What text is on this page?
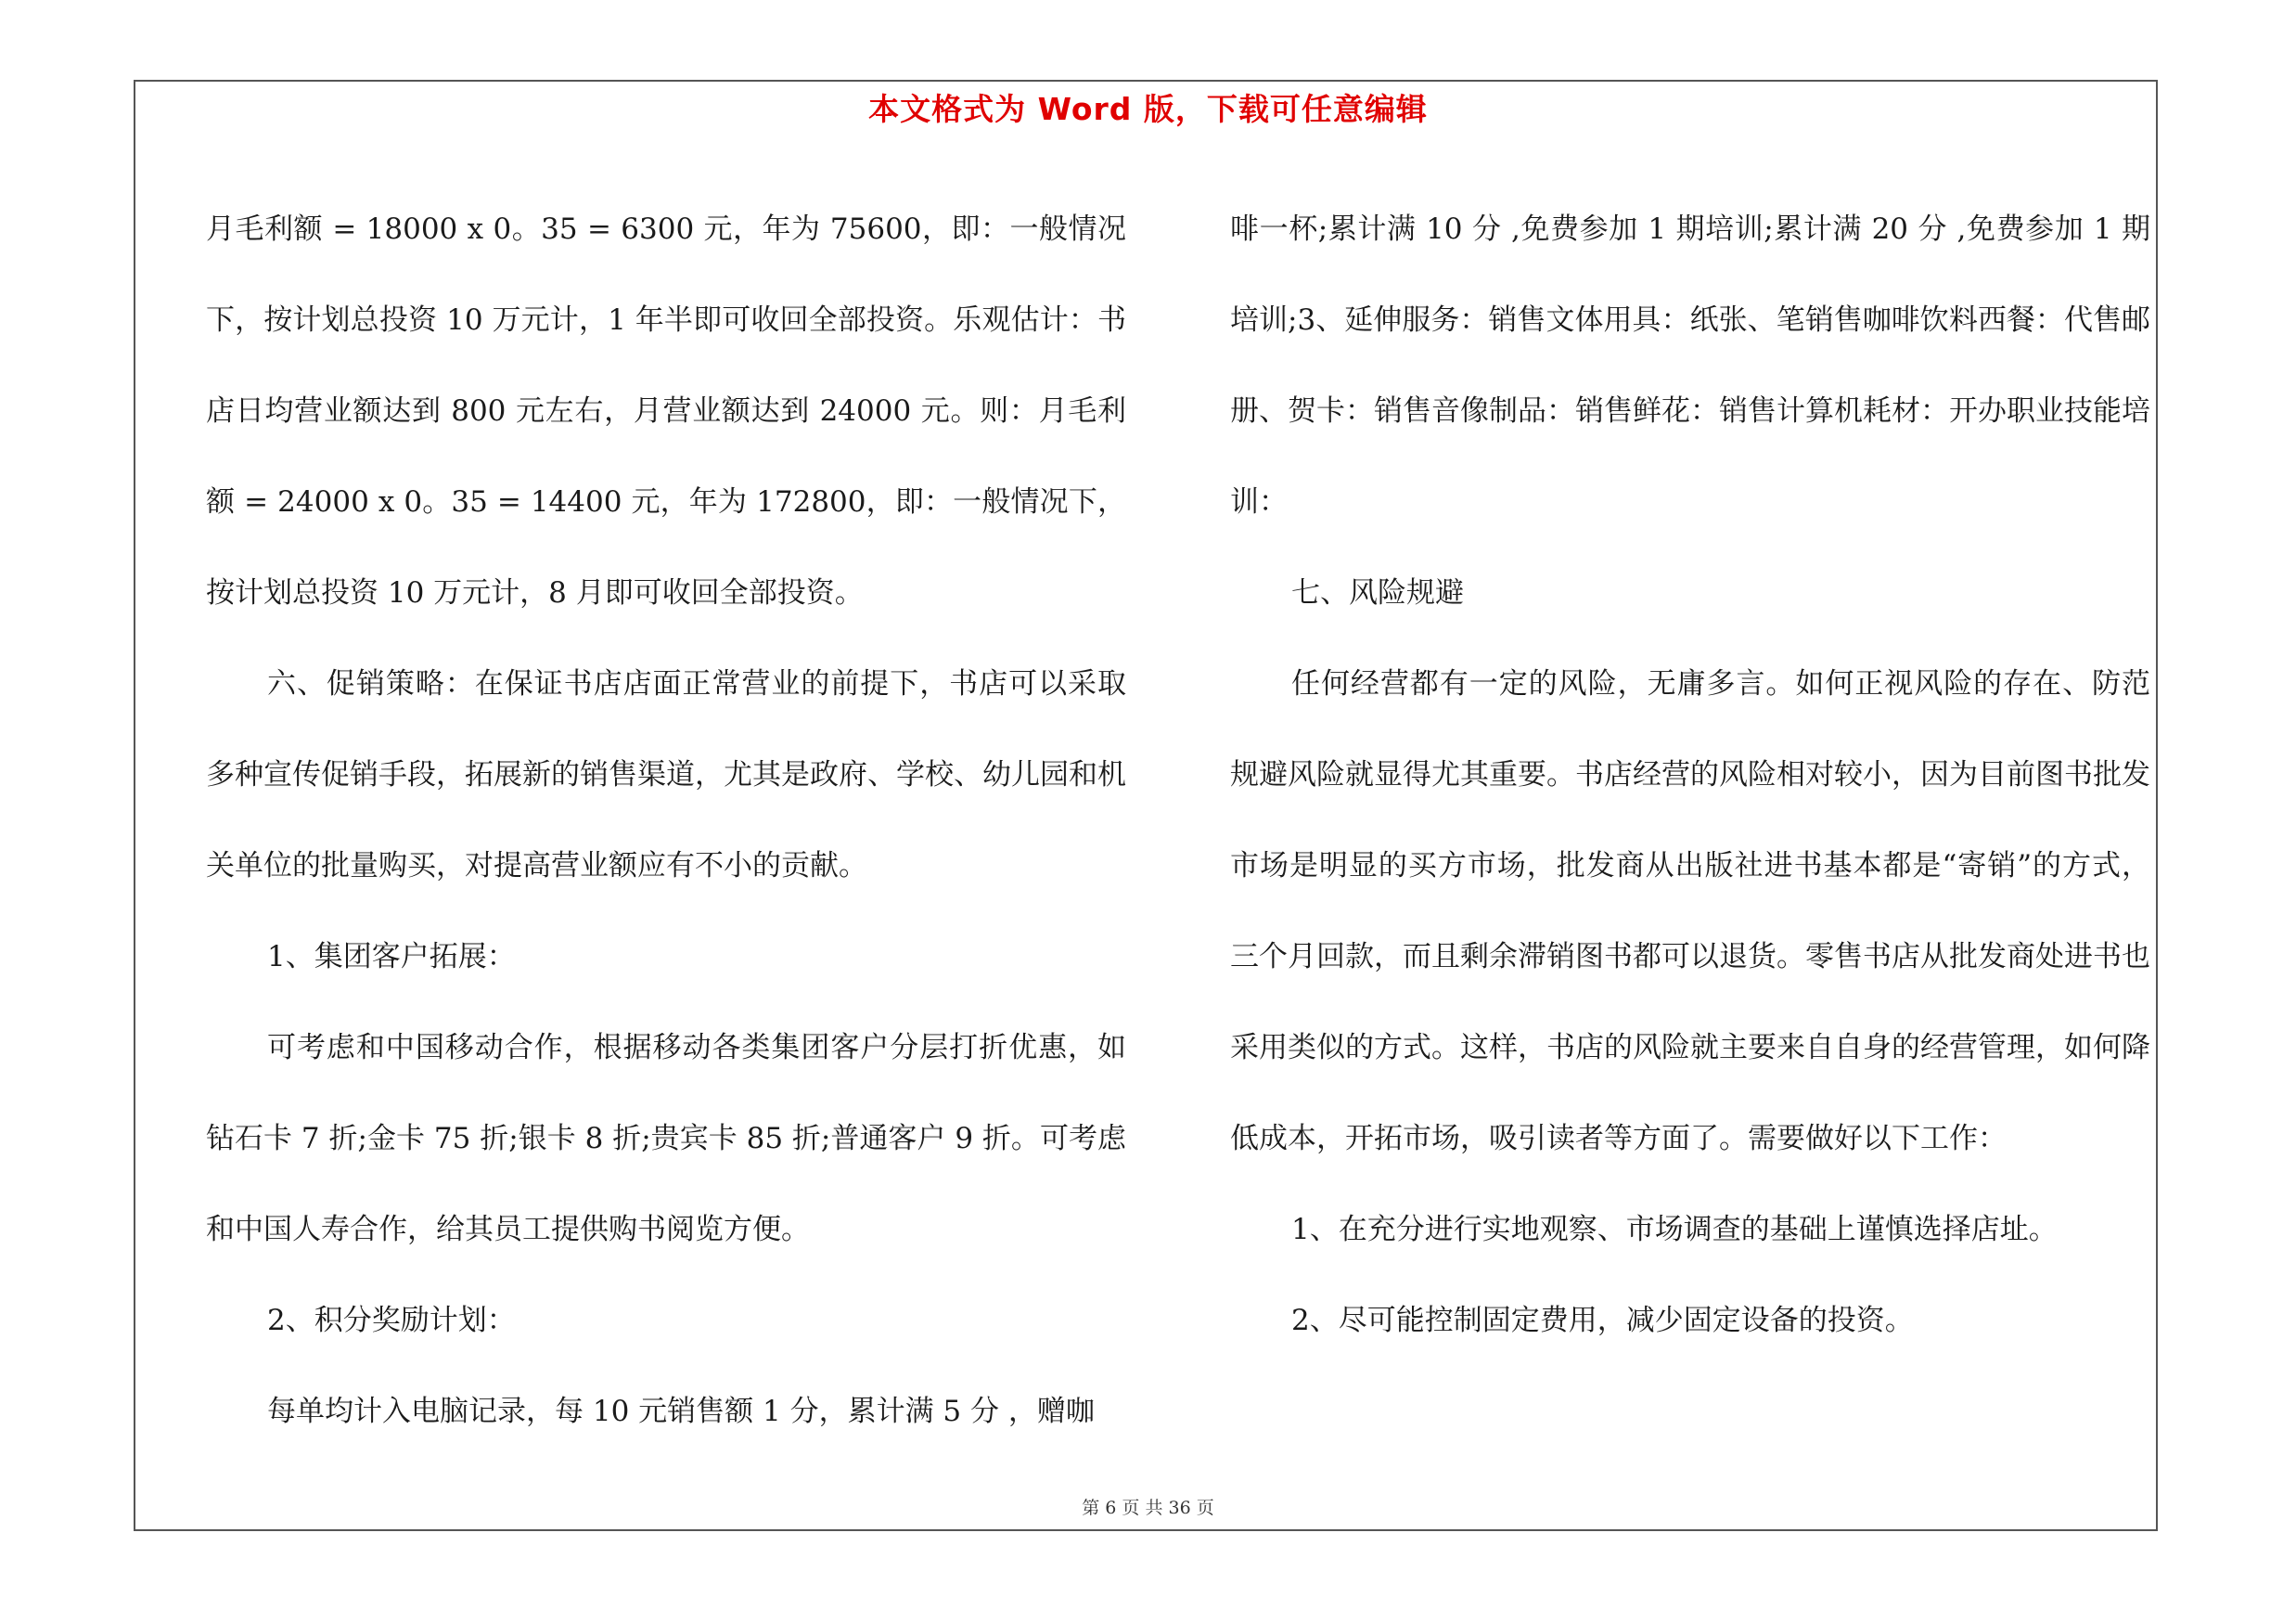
本文格式为 Word 版，下载可任意编辑

月毛利额 = 18000 x 0。35 = 6300 元，年为 75600，即：一般情况下，按计划总投资 10 万元计，1 年半即可收回全部投资。乐观估计：书店日均营业额达到 800 元左右，月营业额达到 24000 元。则：月毛利额 = 24000 x 0。35 = 14400 元，年为 172800，即：一般情况下，按计划总投资 10 万元计，8 月即可收回全部投资。

六、促销策略：在保证书店店面正常营业的前提下，书店可以采取多种宣传促销手段，拓展新的销售渠道，尤其是政府、学校、幼儿园和机关单位的批量购买，对提高营业额应有不小的贡献。

1、集团客户拓展：

可考虑和中国移动合作，根据移动各类集团客户分层打折优惠，如钻石卡 7 折;金卡 75 折;银卡 8 折;贵宾卡 85 折;普通客户 9 折。可考虑和中国人寿合作，给其员工提供购书阅览方便。

2、积分奖励计划：

每单均计入电脑记录，每 10 元销售额 1 分，累计满 5 分 ，赠咖

啡一杯;累计满 10 分 ,免费参加 1 期培训;累计满 20 分 ,免费参加 1 期培训;3、延伸服务：销售文体用具：纸张、笔销售咖啡饮料西餐：代售邮册、贺卡：销售音像制品：销售鲜花：销售计算机耗材：开办职业技能培训：

七、风险规避

任何经营都有一定的风险，无庸多言。如何正视风险的存在、防范规避风险就显得尤其重要。书店经营的风险相对较小，因为目前图书批发市场是明显的买方市场，批发商从出版社进书基本都是“寄销”的方式，三个月回款，而且剩余滞销图书都可以退货。零售书店从批发商处进书也采用类似的方式。这样，书店的风险就主要来自自身的经营管理，如何降低成本，开拓市场，吸引读者等方面了。需要做好以下工作：

1、在充分进行实地观察、市场调查的基础上谨慎选择店址。

2、尽可能控制固定费用，减少固定设备的投资。

第 6 页 共 36 页
